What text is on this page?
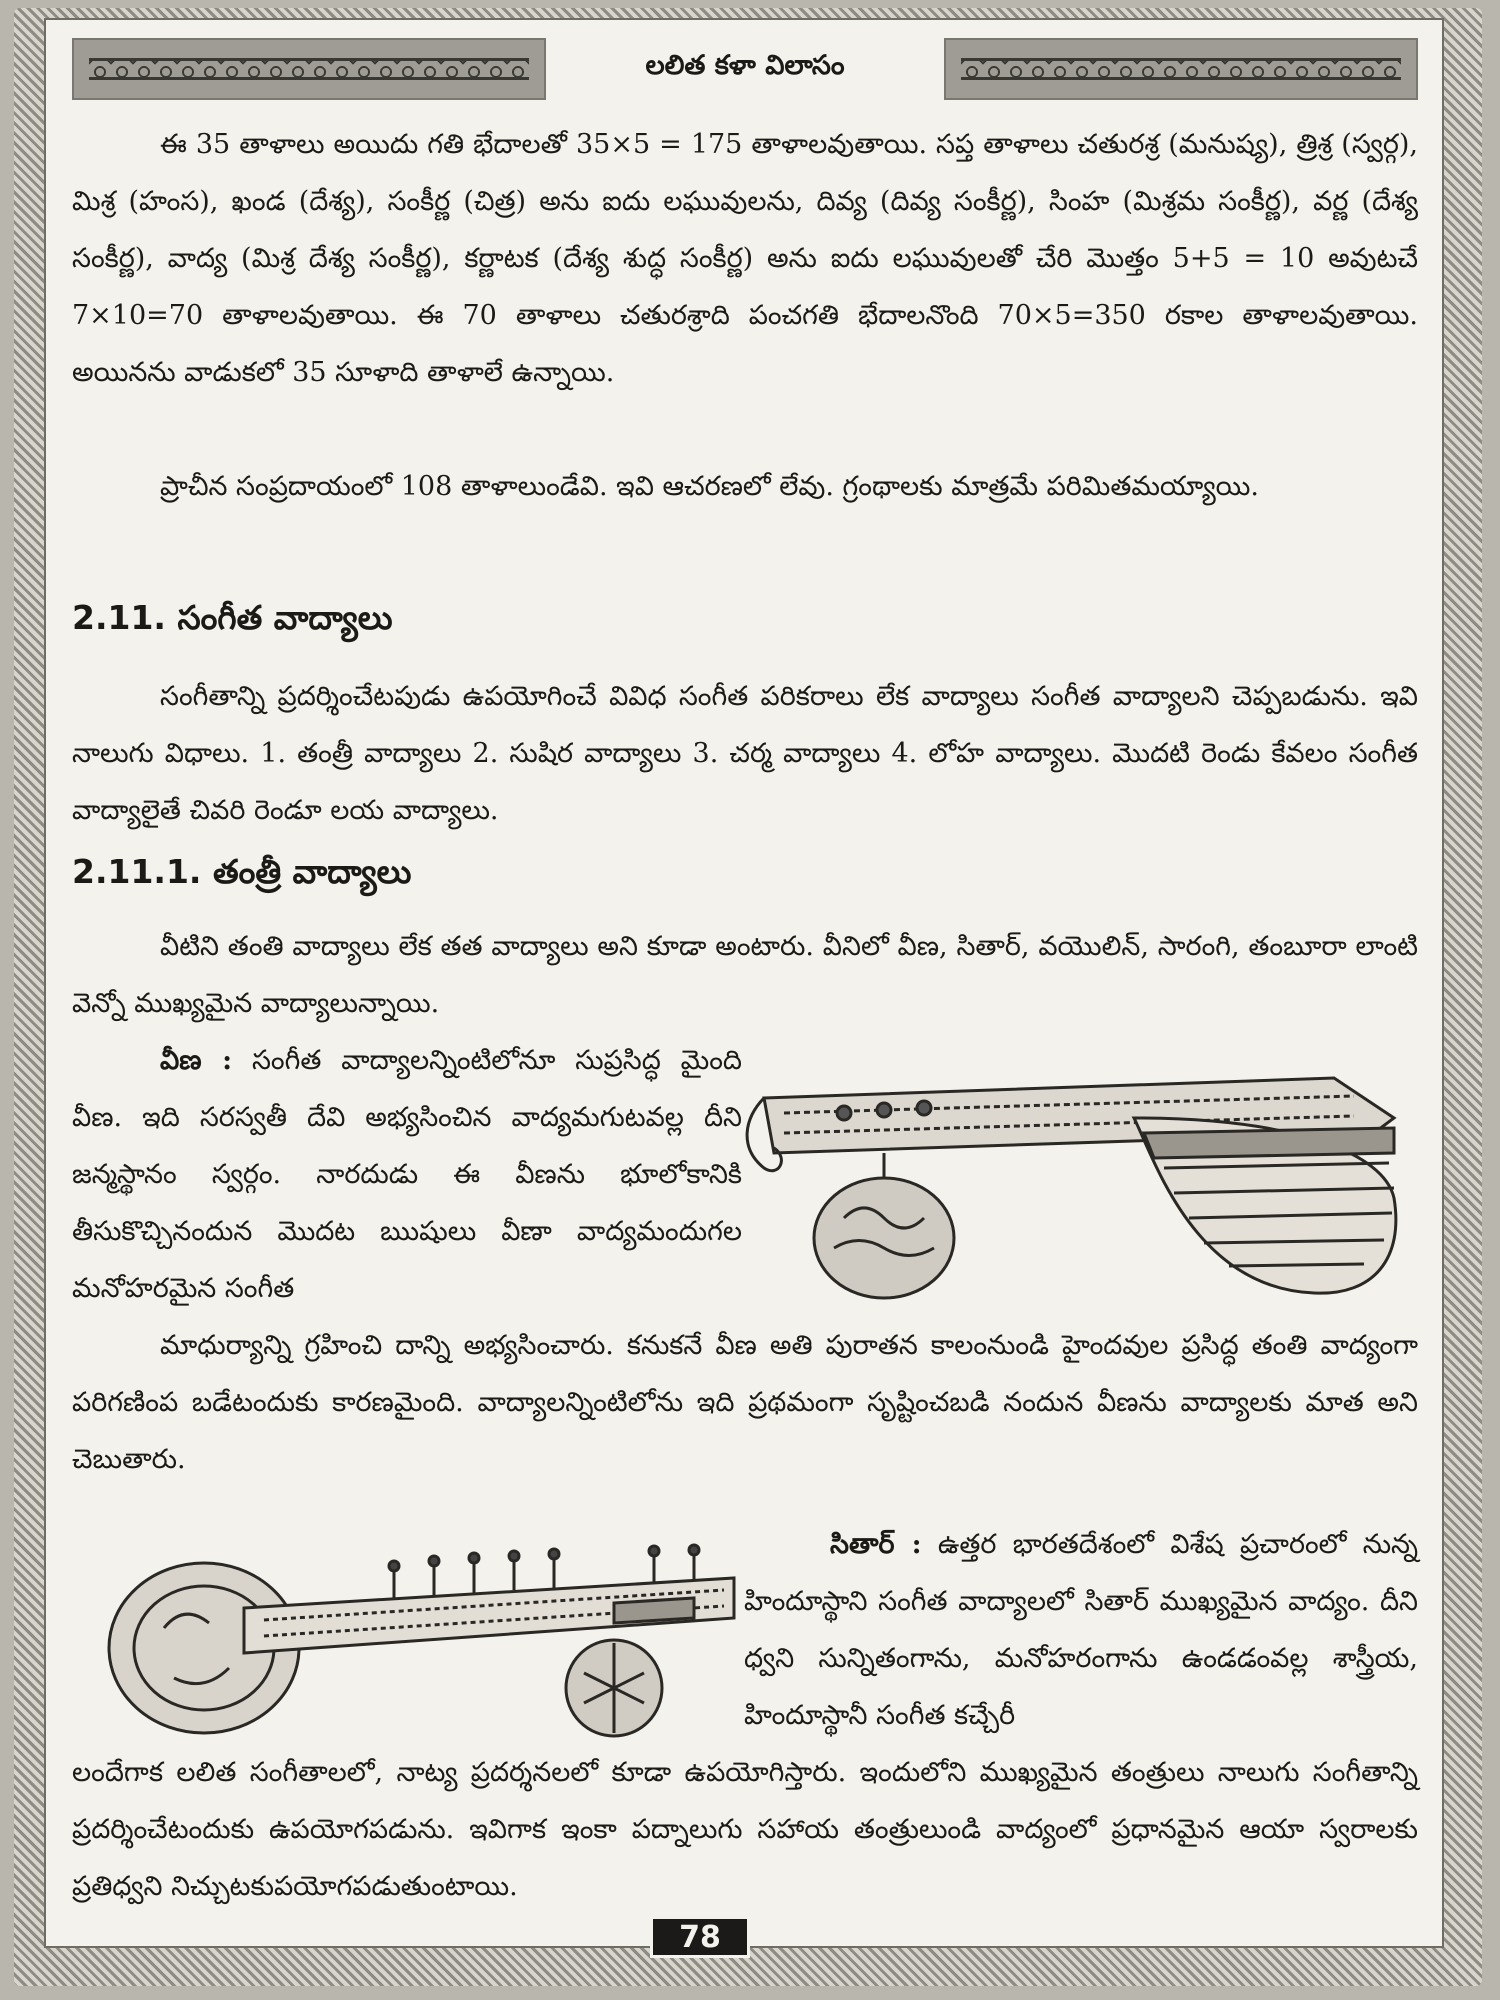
లలిత కళా విలాసం

ఈ 35 తాళాలు అయిదు గతి భేదాలతో 35×5 = 175 తాళాలవుతాయి. సప్త తాళాలు చతురశ్ర (మనుష్య), త్రిశ్ర (స్వర్గ), మిశ్ర (హంస), ఖండ (దేశ్య), సంకీర్ణ (చిత్ర) అను ఐదు లఘువులను, దివ్య (దివ్య సంకీర్ణ), సింహ (మిశ్రమ సంకీర్ణ), వర్ణ (దేశ్య సంకీర్ణ), వాద్య (మిశ్ర దేశ్య సంకీర్ణ), కర్ణాటక (దేశ్య శుద్ధ సంకీర్ణ) అను ఐదు లఘువులతో చేరి మొత్తం 5+5 = 10 అవుటచే 7×10=70 తాళాలవుతాయి. ఈ 70 తాళాలు చతురశ్రాది పంచగతి భేదాలనొంది 70×5=350 రకాల తాళాలవుతాయి. అయినను వాడుకలో 35 సూళాది తాళాలే ఉన్నాయి.

ప్రాచీన సంప్రదాయంలో 108 తాళాలుండేవి. ఇవి ఆచరణలో లేవు. గ్రంథాలకు మాత్రమే పరిమితమయ్యాయి.

2.11. సంగీత వాద్యాలు

సంగీతాన్ని ప్రదర్శించేటపుడు ఉపయోగించే వివిధ సంగీత పరికరాలు లేక వాద్యాలు సంగీత వాద్యాలని చెప్పబడును. ఇవి నాలుగు విధాలు. 1. తంత్రీ వాద్యాలు 2. సుషిర వాద్యాలు 3. చర్మ వాద్యాలు 4. లోహ వాద్యాలు. మొదటి రెండు కేవలం సంగీత వాద్యాలైతే చివరి రెండూ లయ వాద్యాలు.

2.11.1. తంత్రీ వాద్యాలు

వీటిని తంతి వాద్యాలు లేక తత వాద్యాలు అని కూడా అంటారు. వీనిలో వీణ, సితార్, వయొలిన్, సారంగి, తంబూరా లాంటి వెన్నో ముఖ్యమైన వాద్యాలున్నాయి.

వీణ : సంగీత వాద్యాలన్నింటిలోనూ సుప్రసిద్ధ మైంది వీణ. ఇది సరస్వతీ దేవి అభ్యసించిన వాద్యమగుటవల్ల దీని జన్మస్థానం స్వర్గం. నారదుడు ఈ వీణను భూలోకానికి తీసుకొచ్చినందున మొదట ఋషులు వీణా వాద్యమందుగల మనోహరమైన సంగీత

మాధుర్యాన్ని గ్రహించి దాన్ని అభ్యసించారు. కనుకనే వీణ అతి పురాతన కాలంనుండి హైందవుల ప్రసిద్ధ తంతి వాద్యంగా పరిగణింప బడేటందుకు కారణమైంది. వాద్యాలన్నింటిలోను ఇది ప్రథమంగా సృష్టించబడి నందున వీణను వాద్యాలకు మాత అని చెబుతారు.

సితార్ : ఉత్తర భారతదేశంలో విశేష ప్రచారంలో నున్న హిందూస్థాని సంగీత వాద్యాలలో సితార్ ముఖ్యమైన వాద్యం. దీని ధ్వని సున్నితంగాను, మనోహరంగాను ఉండడంవల్ల శాస్త్రీయ, హిందూస్థానీ సంగీత కచ్చేరీ

లందేగాక లలిత సంగీతాలలో, నాట్య ప్రదర్శనలలో కూడా ఉపయోగిస్తారు. ఇందులోని ముఖ్యమైన తంత్రులు నాలుగు సంగీతాన్ని ప్రదర్శించేటందుకు ఉపయోగపడును. ఇవిగాక ఇంకా పద్నాలుగు సహాయ తంత్రులుండి వాద్యంలో ప్రధానమైన ఆయా స్వరాలకు ప్రతిధ్వని నిచ్చుటకుపయోగపడుతుంటాయి.

78
